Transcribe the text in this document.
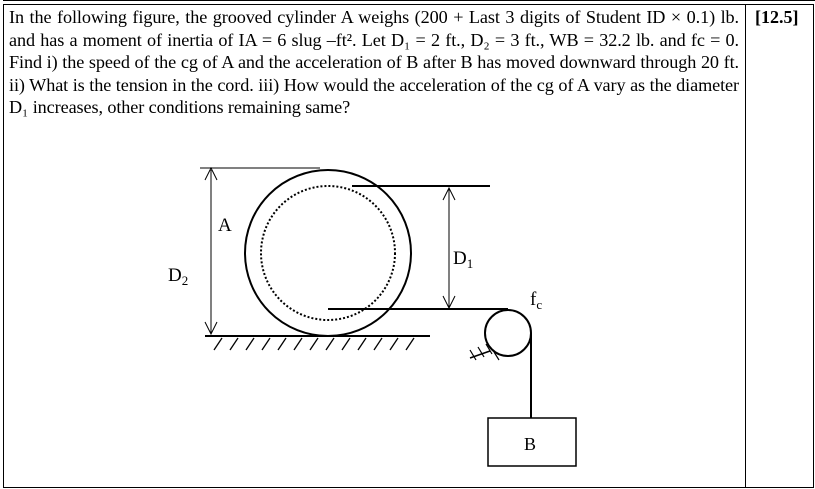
In the following figure, the grooved cylinder A weighs (200 + Last 3 digits of Student ID × 0.1) lb. and has a moment of inertia of IA = 6 slug –ft². Let D₁ = 2 ft., D₂ = 3 ft., WB = 32.2 lb. and fc = 0. Find i) the speed of the cg of A and the acceleration of B after B has moved downward through 20 ft. ii) What is the tension in the cord. iii) How would the acceleration of the cg of A vary as the diameter D₁ increases, other conditions remaining same?
[12.5]
B
$D_2$
$D_1$
A
$f_c$
